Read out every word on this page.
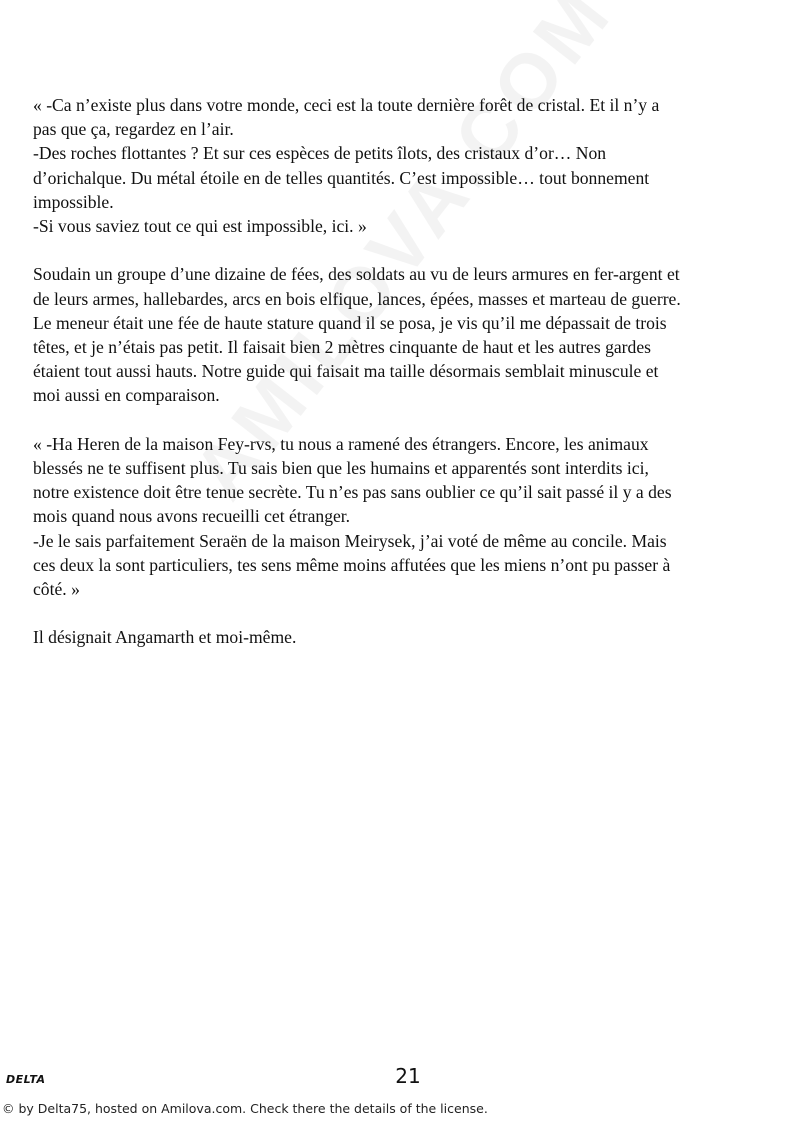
« -Ca n’existe plus dans votre monde, ceci est la toute dernière forêt de cristal. Et il n’y a
pas que ça, regardez en l’air.
-Des roches flottantes ? Et sur ces espèces de petits îlots, des cristaux d’or… Non
d’orichalque. Du métal étoile en de telles quantités. C’est impossible… tout bonnement
impossible.
-Si vous saviez tout ce qui est impossible, ici. »

Soudain un groupe d’une dizaine de fées, des soldats au vu de leurs armures en fer-argent et
de leurs armes, hallebardes, arcs en bois elfique, lances, épées, masses et marteau de guerre.
Le meneur était une fée de haute stature quand il se posa, je vis qu’il me dépassait de trois
têtes, et je n’étais pas petit. Il faisait bien 2 mètres cinquante de haut et les autres gardes
étaient tout aussi hauts. Notre guide qui faisait ma taille désormais semblait minuscule et
moi aussi en comparaison.

« -Ha Heren de la maison Fey-rvs, tu nous a ramené des étrangers. Encore, les animaux
blessés ne te suffisent plus. Tu sais bien que les humains et apparentés sont interdits ici,
notre existence doit être tenue secrète. Tu n’es pas sans oublier ce qu’il sait passé il y a des
mois quand nous avons recueilli cet étranger.
-Je le sais parfaitement Seraën de la maison Meirysek, j’ai voté de même au concile. Mais
ces deux la sont particuliers, tes sens même moins affutées que les miens n’ont pu passer à
côté. »

Il désignait Angamarth et moi-même.

DELTA	21
© by Delta75, hosted on Amilova.com. Check there the details of the license.
